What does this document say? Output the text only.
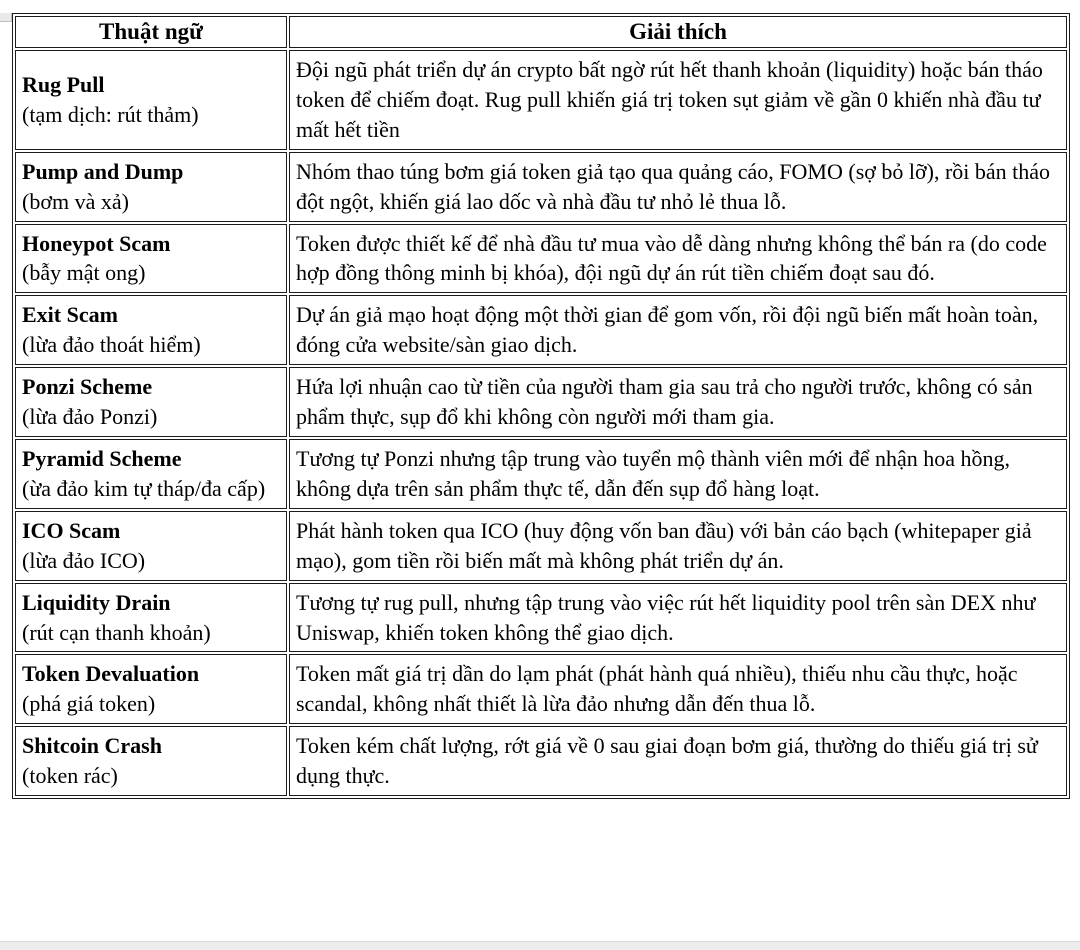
Thuật ngữ	Giải thích

Rug Pull
(tạm dịch: rút thảm)	Đội ngũ phát triển dự án crypto bất ngờ rút hết thanh khoản (liquidity) hoặc bán tháo token để chiếm đoạt. Rug pull khiến giá trị token sụt giảm về gần 0 khiến nhà đầu tư mất hết tiền

Pump and Dump
(bơm và xả)	Nhóm thao túng bơm giá token giả tạo qua quảng cáo, FOMO (sợ bỏ lỡ), rồi bán tháo đột ngột, khiến giá lao dốc và nhà đầu tư nhỏ lẻ thua lỗ.

Honeypot Scam
(bẫy mật ong)	Token được thiết kế để nhà đầu tư mua vào dễ dàng nhưng không thể bán ra (do code hợp đồng thông minh bị khóa), đội ngũ dự án rút tiền chiếm đoạt sau đó.

Exit Scam
(lừa đảo thoát hiểm)	Dự án giả mạo hoạt động một thời gian để gom vốn, rồi đội ngũ biến mất hoàn toàn, đóng cửa website/sàn giao dịch.

Ponzi Scheme
(lừa đảo Ponzi)	Hứa lợi nhuận cao từ tiền của người tham gia sau trả cho người trước, không có sản phẩm thực, sụp đổ khi không còn người mới tham gia.

Pyramid Scheme
(ừa đảo kim tự tháp/đa cấp)	Tương tự Ponzi nhưng tập trung vào tuyển mộ thành viên mới để nhận hoa hồng, không dựa trên sản phẩm thực tế, dẫn đến sụp đổ hàng loạt.

ICO Scam
(lừa đảo ICO)	Phát hành token qua ICO (huy động vốn ban đầu) với bản cáo bạch (whitepaper giả mạo), gom tiền rồi biến mất mà không phát triển dự án.

Liquidity Drain
(rút cạn thanh khoản)	Tương tự rug pull, nhưng tập trung vào việc rút hết liquidity pool trên sàn DEX như Uniswap, khiến token không thể giao dịch.

Token Devaluation
(phá giá token)	Token mất giá trị dần do lạm phát (phát hành quá nhiều), thiếu nhu cầu thực, hoặc scandal, không nhất thiết là lừa đảo nhưng dẫn đến thua lỗ.

Shitcoin Crash
(token rác)	Token kém chất lượng, rớt giá về 0 sau giai đoạn bơm giá, thường do thiếu giá trị sử dụng thực.
